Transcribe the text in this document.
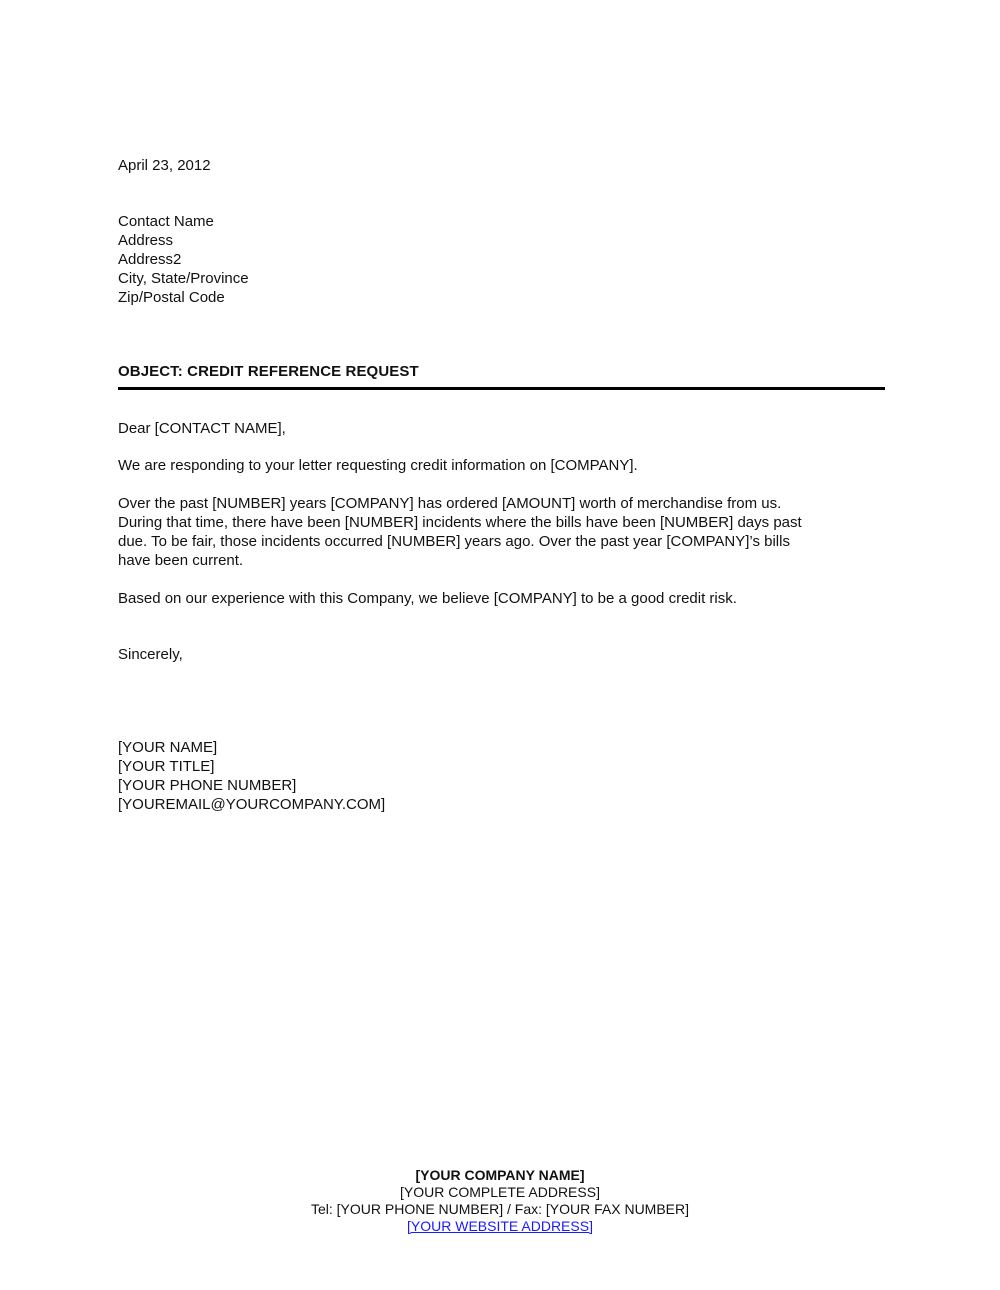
April 23, 2012
Contact Name
Address
Address2
City, State/Province
Zip/Postal Code
OBJECT: CREDIT REFERENCE REQUEST
Dear [CONTACT NAME],
We are responding to your letter requesting credit information on [COMPANY].
Over the past [NUMBER] years [COMPANY] has ordered [AMOUNT] worth of merchandise from us.
During that time, there have been [NUMBER] incidents where the bills have been [NUMBER] days past
due. To be fair, those incidents occurred [NUMBER] years ago. Over the past year [COMPANY]’s bills
have been current.
Based on our experience with this Company, we believe [COMPANY] to be a good credit risk.
Sincerely,
[YOUR NAME]
[YOUR TITLE]
[YOUR PHONE NUMBER]
[YOUREMAIL@YOURCOMPANY.COM]
[YOUR COMPANY NAME]
[YOUR COMPLETE ADDRESS]
Tel: [YOUR PHONE NUMBER] / Fax: [YOUR FAX NUMBER]
[YOUR WEBSITE ADDRESS]
